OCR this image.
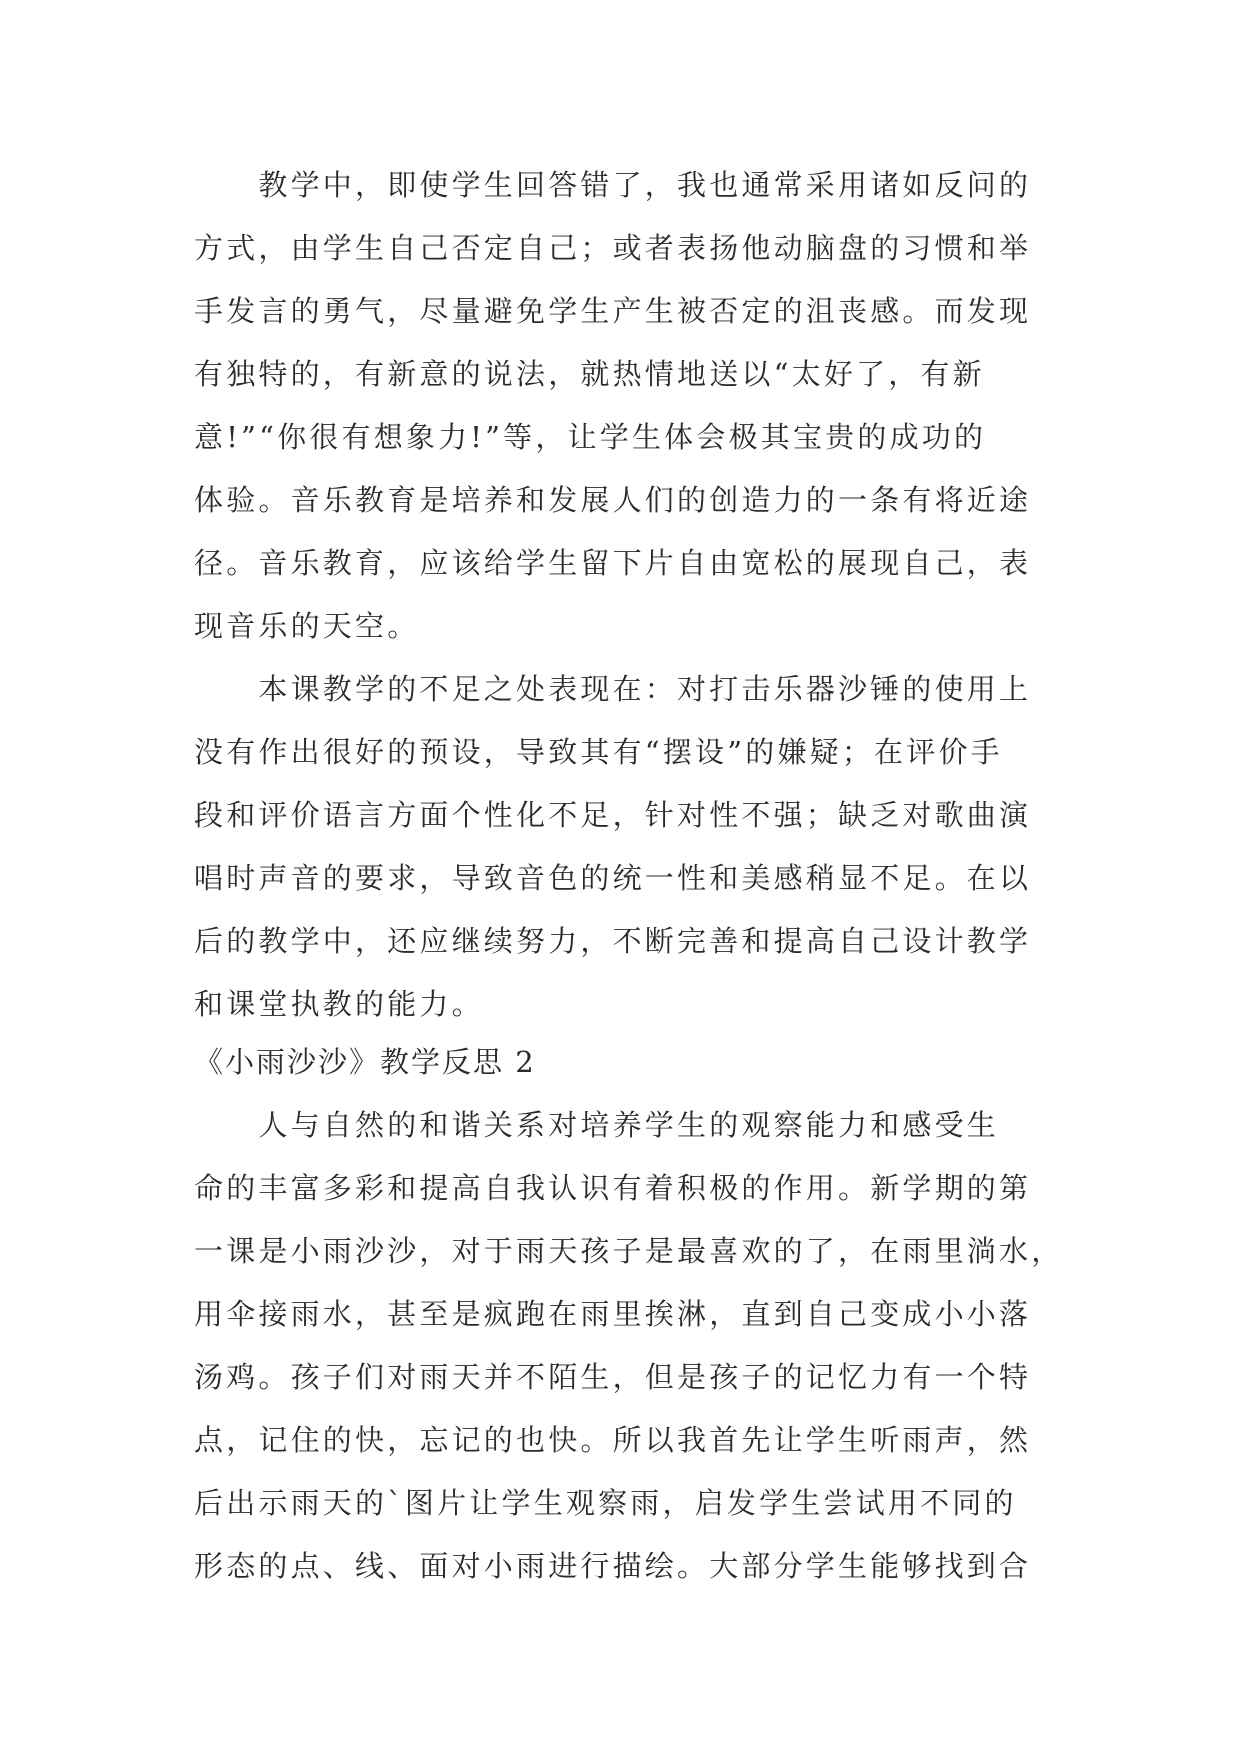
　　教学中，即使学生回答错了，我也通常采用诸如反问的
方式，由学生自己否定自己；或者表扬他动脑盘的习惯和举
手发言的勇气，尽量避免学生产生被否定的沮丧感。而发现
有独特的，有新意的说法，就热情地送以“太好了，有新
意!”“你很有想象力!”等，让学生体会极其宝贵的成功的
体验。音乐教育是培养和发展人们的创造力的一条有将近途
径。音乐教育，应该给学生留下片自由宽松的展现自己，表
现音乐的天空。
　　本课教学的不足之处表现在：对打击乐器沙锤的使用上
没有作出很好的预设，导致其有“摆设”的嫌疑；在评价手
段和评价语言方面个性化不足，针对性不强；缺乏对歌曲演
唱时声音的要求，导致音色的统一性和美感稍显不足。在以
后的教学中，还应继续努力，不断完善和提高自己设计教学
和课堂执教的能力。
《小雨沙沙》教学反思 2
　　人与自然的和谐关系对培养学生的观察能力和感受生
命的丰富多彩和提高自我认识有着积极的作用。新学期的第
一课是小雨沙沙，对于雨天孩子是最喜欢的了，在雨里淌水，
用伞接雨水，甚至是疯跑在雨里挨淋，直到自己变成小小落
汤鸡。孩子们对雨天并不陌生，但是孩子的记忆力有一个特
点，记住的快，忘记的也快。所以我首先让学生听雨声，然
后出示雨天的`图片让学生观察雨，启发学生尝试用不同的
形态的点、线、面对小雨进行描绘。大部分学生能够找到合
